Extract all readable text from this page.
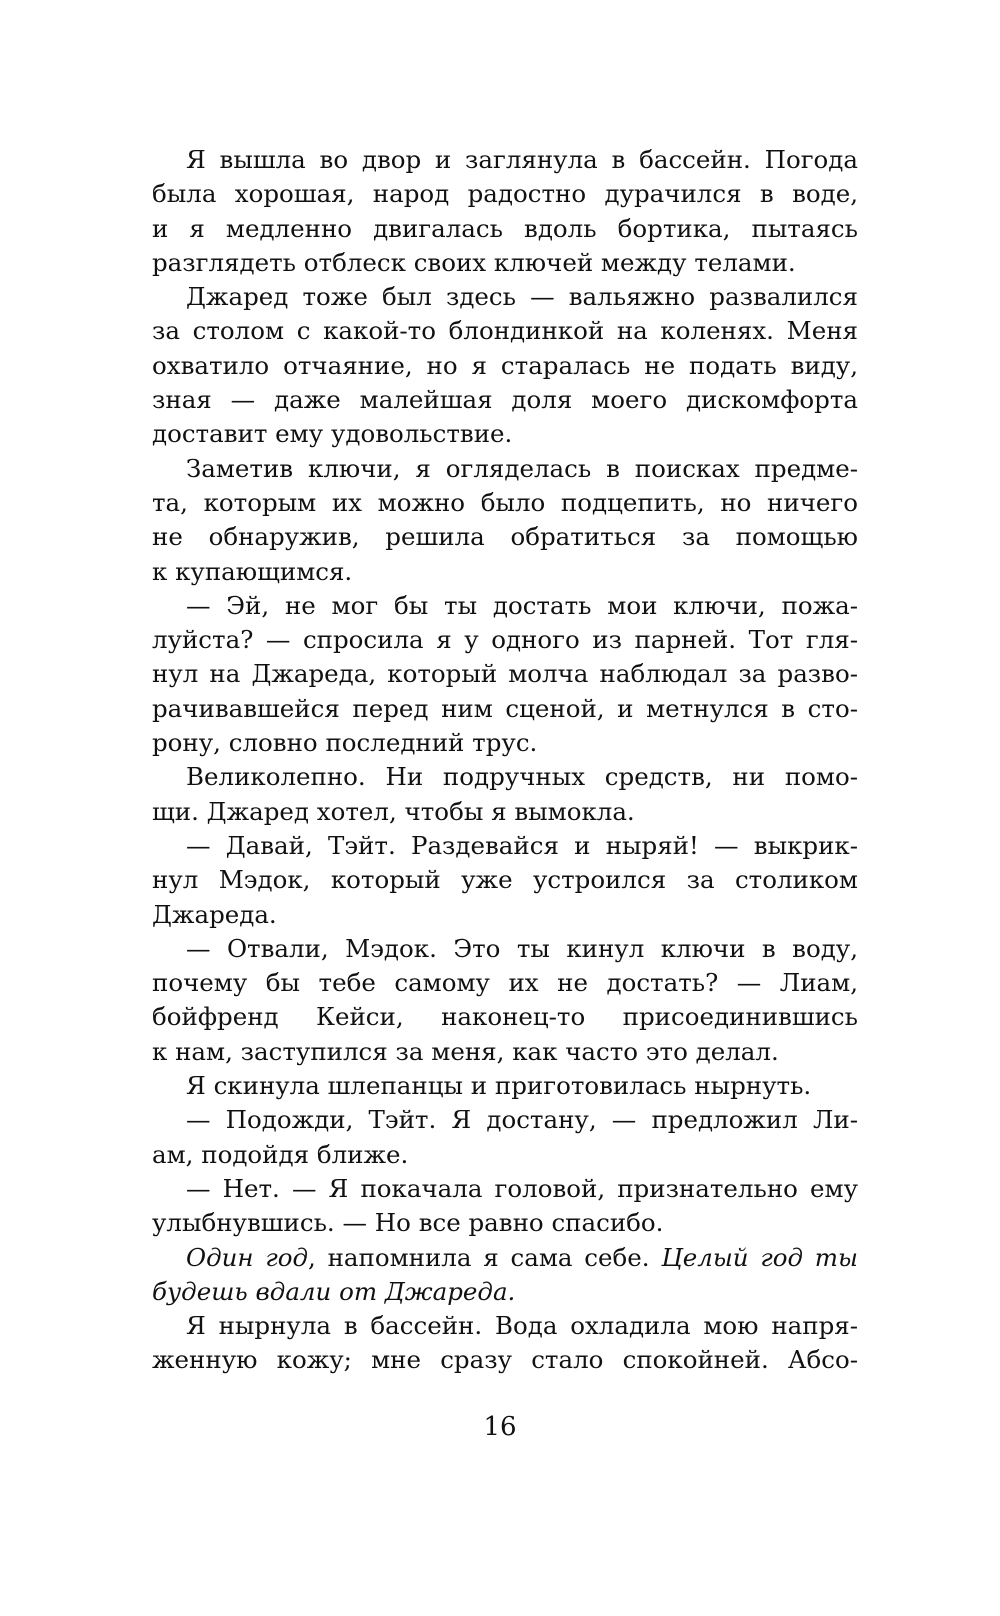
Я вышла во двор и заглянула в бассейн. Погода
была хорошая, народ радостно дурачился в воде,
и я медленно двигалась вдоль бортика, пытаясь
разглядеть отблеск своих ключей между телами.
Джаред тоже был здесь — вальяжно развалился
за столом с какой-то блондинкой на коленях. Меня
охватило отчаяние, но я старалась не подать виду,
зная — даже малейшая доля моего дискомфорта
доставит ему удовольствие.
Заметив ключи, я огляделась в поисках предме-
та, которым их можно было подцепить, но ничего
не обнаружив, решила обратиться за помощью
к купающимся.
— Эй, не мог бы ты достать мои ключи, пожа-
луйста? — спросила я у одного из парней. Тот гля-
нул на Джареда, который молча наблюдал за разво-
рачивавшейся перед ним сценой, и метнулся в сто-
рону, словно последний трус.
Великолепно. Ни подручных средств, ни помо-
щи. Джаред хотел, чтобы я вымокла.
— Давай, Тэйт. Раздевайся и ныряй! — выкрик-
нул Мэдок, который уже устроился за столиком
Джареда.
— Отвали, Мэдок. Это ты кинул ключи в воду,
почему бы тебе самому их не достать? — Лиам,
бойфренд Кейси, наконец-то присоединившись
к нам, заступился за меня, как часто это делал.
Я скинула шлепанцы и приготовилась нырнуть.
— Подожди, Тэйт. Я достану, — предложил Ли-
ам, подойдя ближе.
— Нет. — Я покачала головой, признательно ему
улыбнувшись. — Но все равно спасибо.
Один год, напомнила я сама себе. Целый год ты
будешь вдали от Джареда.
Я нырнула в бассейн. Вода охладила мою напря-
женную кожу; мне сразу стало спокойней. Абсо-
16
